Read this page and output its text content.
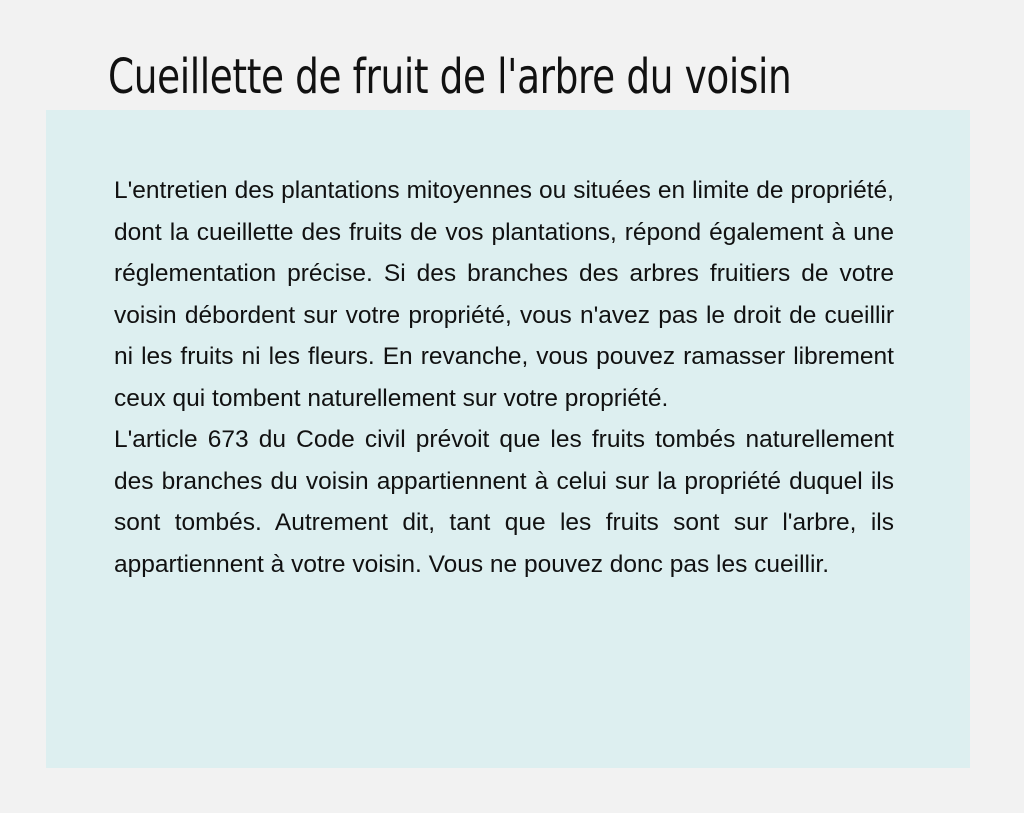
Cueillette de fruit de l'arbre du voisin

L'entretien des plantations mitoyennes ou situées en limite de propriété, dont la cueillette des fruits de vos plantations, répond également à une réglementation précise. Si des branches des arbres fruitiers de votre voisin débordent sur votre propriété, vous n'avez pas le droit de cueillir ni les fruits ni les fleurs. En revanche, vous pouvez ramasser librement ceux qui tombent naturellement sur votre propriété.

L'article 673 du Code civil prévoit que les fruits tombés naturellement des branches du voisin appartiennent à celui sur la propriété duquel ils sont tombés. Autrement dit, tant que les fruits sont sur l'arbre, ils appartiennent à votre voisin. Vous ne pouvez donc pas les cueillir.
